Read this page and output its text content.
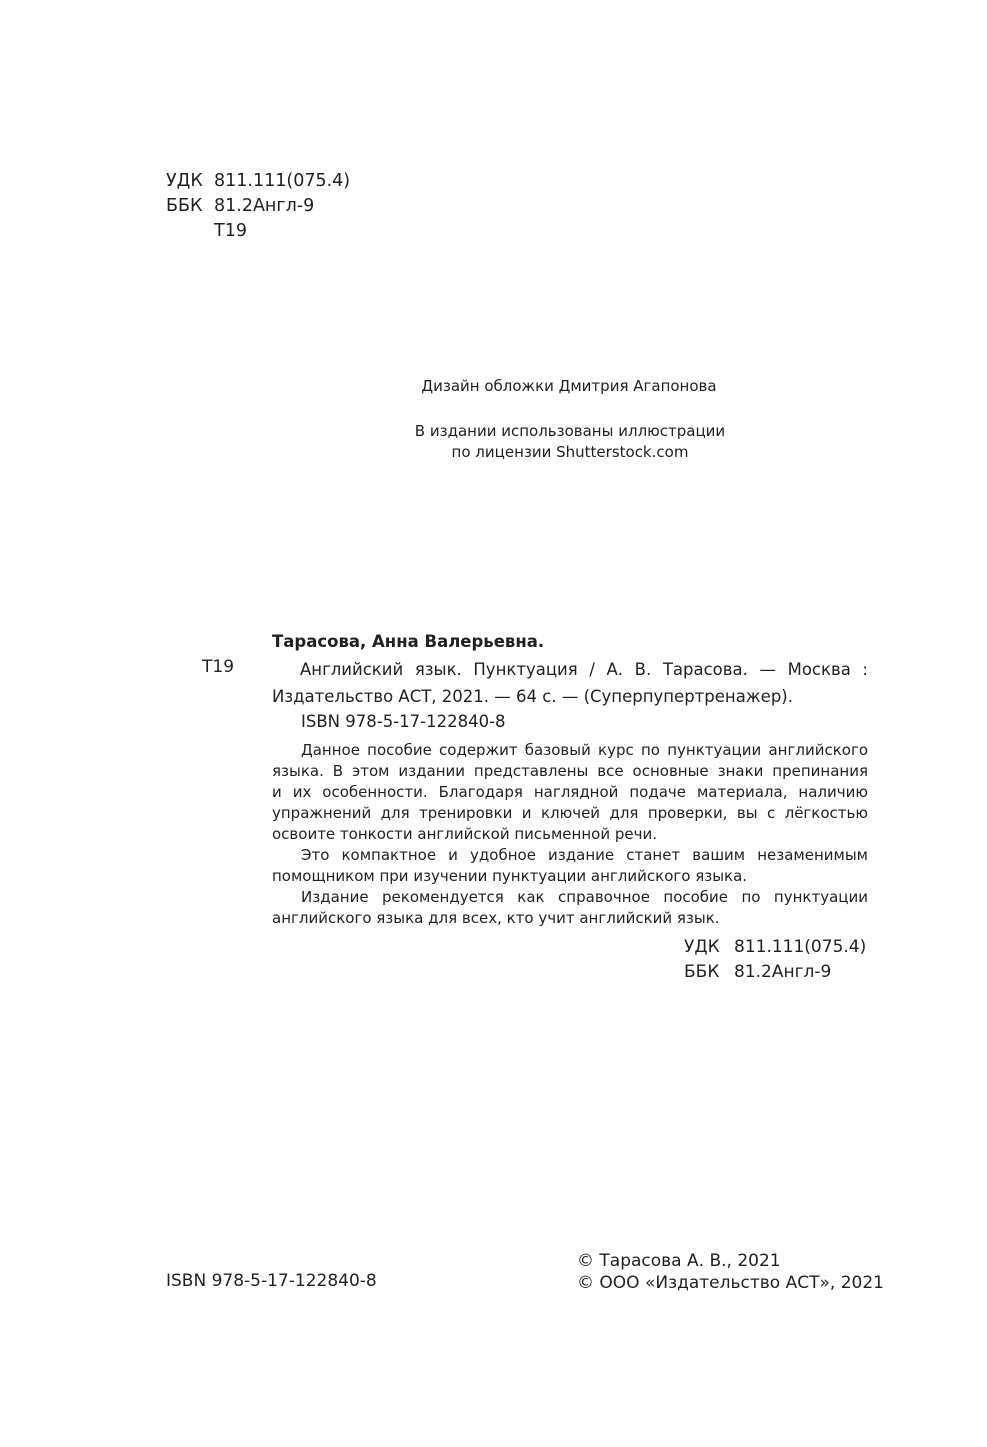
УДК 811.111(075.4)
ББК 81.2Англ-9
Т19
Дизайн обложки Дмитрия Агапонова
В издании использованы иллюстрации
по лицензии Shutterstock.com
Тарасова, Анна Валерьевна.
Т19	Английский язык. Пунктуация / А. В. Тарасова. — Москва :
Издательство АСТ, 2021. — 64 с. — (Суперпупертренажер).
ISBN 978-5-17-122840-8
Данное пособие содержит базовый курс по пунктуации английского
языка. В этом издании представлены все основные знаки препинания
и их особенности. Благодаря наглядной подаче материала, наличию
упражнений для тренировки и ключей для проверки, вы с лёгкостью
освоите тонкости английской письменной речи.
Это компактное и удобное издание станет вашим незаменимым
помощником при изучении пунктуации английского языка.
Издание рекомендуется как справочное пособие по пунктуации
английского языка для всех, кто учит английский язык.
УДК 811.111(075.4)
ББК 81.2Англ-9
ISBN 978-5-17-122840-8
© Тарасова А. В., 2021
© ООО «Издательство АСТ», 2021
